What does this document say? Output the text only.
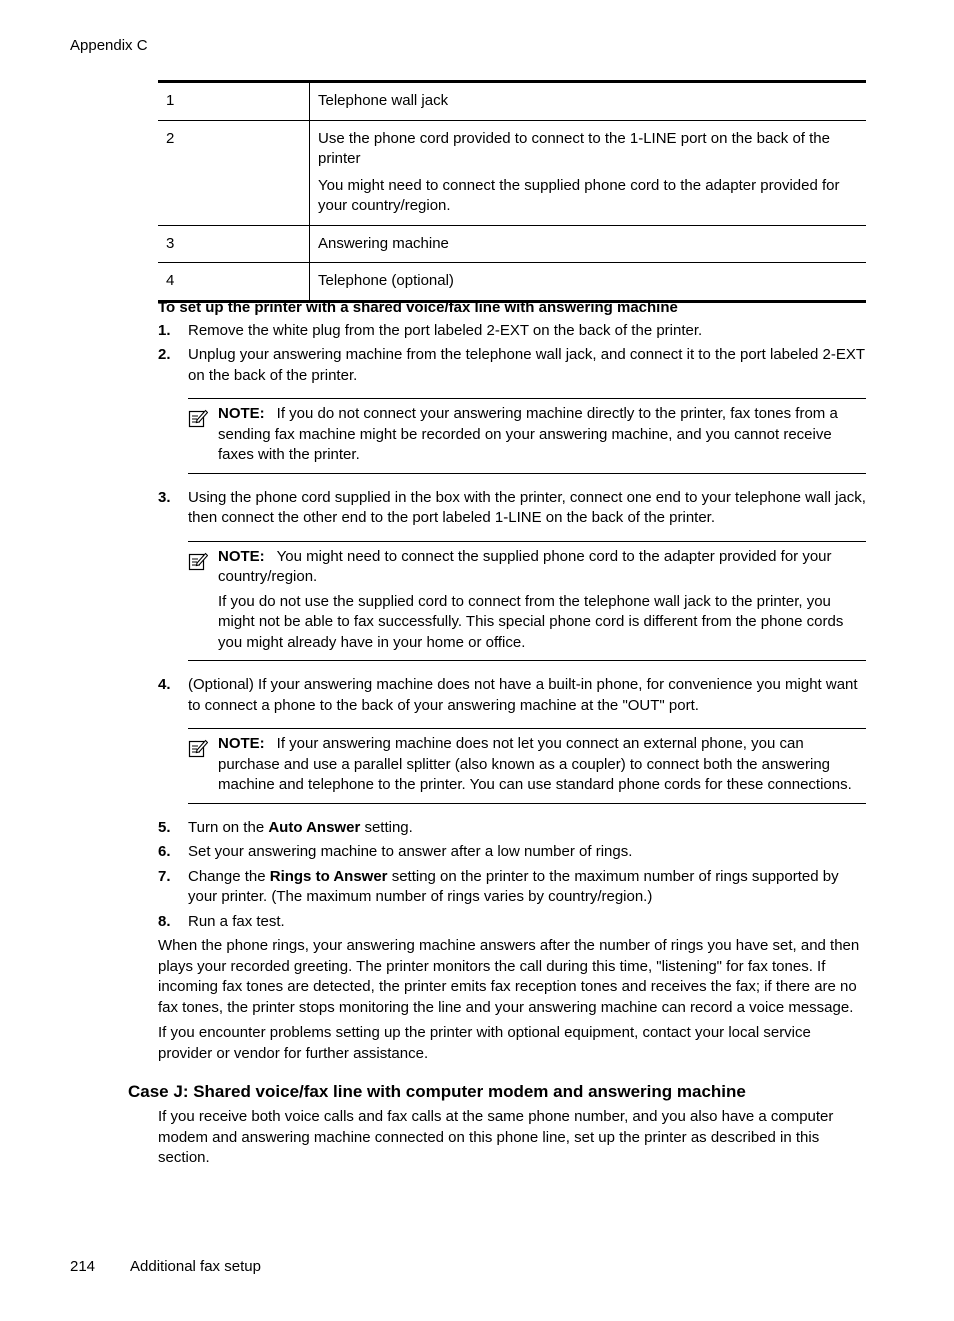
Appendix C
1	Telephone wall jack

2	Use the phone cord provided to connect to the 1-LINE port on the back of the printer

You might need to connect the supplied phone cord to the adapter provided for your country/region.

3	Answering machine

4	Telephone (optional)

To set up the printer with a shared voice/fax line with answering machine
1. Remove the white plug from the port labeled 2-EXT on the back of the printer.
2. Unplug your answering machine from the telephone wall jack, and connect it to the port labeled 2-EXT on the back of the printer.

NOTE: If you do not connect your answering machine directly to the printer, fax tones from a sending fax machine might be recorded on your answering machine, and you cannot receive faxes with the printer.

3. Using the phone cord supplied in the box with the printer, connect one end to your telephone wall jack, then connect the other end to the port labeled 1-LINE on the back of the printer.

NOTE: You might need to connect the supplied phone cord to the adapter provided for your country/region.

If you do not use the supplied cord to connect from the telephone wall jack to the printer, you might not be able to fax successfully. This special phone cord is different from the phone cords you might already have in your home or office.

4. (Optional) If your answering machine does not have a built-in phone, for convenience you might want to connect a phone to the back of your answering machine at the "OUT" port.

NOTE: If your answering machine does not let you connect an external phone, you can purchase and use a parallel splitter (also known as a coupler) to connect both the answering machine and telephone to the printer. You can use standard phone cords for these connections.

5. Turn on the Auto Answer setting.
6. Set your answering machine to answer after a low number of rings.
7. Change the Rings to Answer setting on the printer to the maximum number of rings supported by your printer. (The maximum number of rings varies by country/region.)
8. Run a fax test.

When the phone rings, your answering machine answers after the number of rings you have set, and then plays your recorded greeting. The printer monitors the call during this time, "listening" for fax tones. If incoming fax tones are detected, the printer emits fax reception tones and receives the fax; if there are no fax tones, the printer stops monitoring the line and your answering machine can record a voice message.

If you encounter problems setting up the printer with optional equipment, contact your local service provider or vendor for further assistance.

Case J: Shared voice/fax line with computer modem and answering machine

If you receive both voice calls and fax calls at the same phone number, and you also have a computer modem and answering machine connected on this phone line, set up the printer as described in this section.

214 Additional fax setup
